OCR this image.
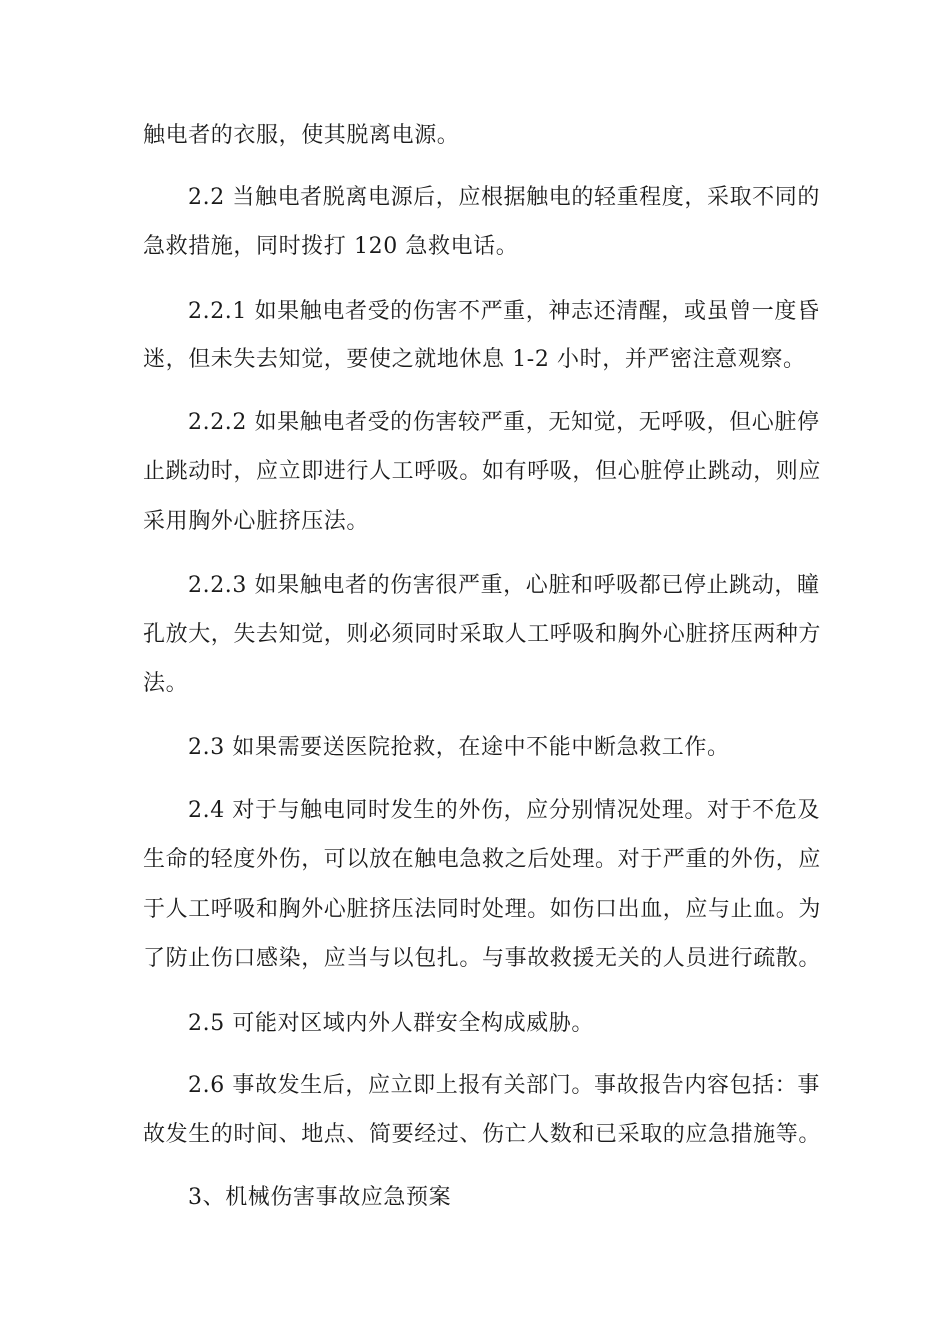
触电者的衣服，使其脱离电源。
2.2 当触电者脱离电源后，应根据触电的轻重程度，采取不同的
急救措施，同时拨打 120 急救电话。
2.2.1 如果触电者受的伤害不严重，神志还清醒，或虽曾一度昏
迷，但未失去知觉，要使之就地休息 1-2 小时，并严密注意观察。
2.2.2 如果触电者受的伤害较严重，无知觉，无呼吸，但心脏停
止跳动时，应立即进行人工呼吸。如有呼吸，但心脏停止跳动，则应
采用胸外心脏挤压法。
2.2.3 如果触电者的伤害很严重，心脏和呼吸都已停止跳动，瞳
孔放大，失去知觉，则必须同时采取人工呼吸和胸外心脏挤压两种方
法。
2.3 如果需要送医院抢救，在途中不能中断急救工作。
2.4 对于与触电同时发生的外伤，应分别情况处理。对于不危及
生命的轻度外伤，可以放在触电急救之后处理。对于严重的外伤，应
于人工呼吸和胸外心脏挤压法同时处理。如伤口出血，应与止血。为
了防止伤口感染，应当与以包扎。与事故救援无关的人员进行疏散。
2.5 可能对区域内外人群安全构成威胁。
2.6 事故发生后，应立即上报有关部门。事故报告内容包括：事
故发生的时间、地点、简要经过、伤亡人数和已采取的应急措施等。
3、机械伤害事故应急预案
